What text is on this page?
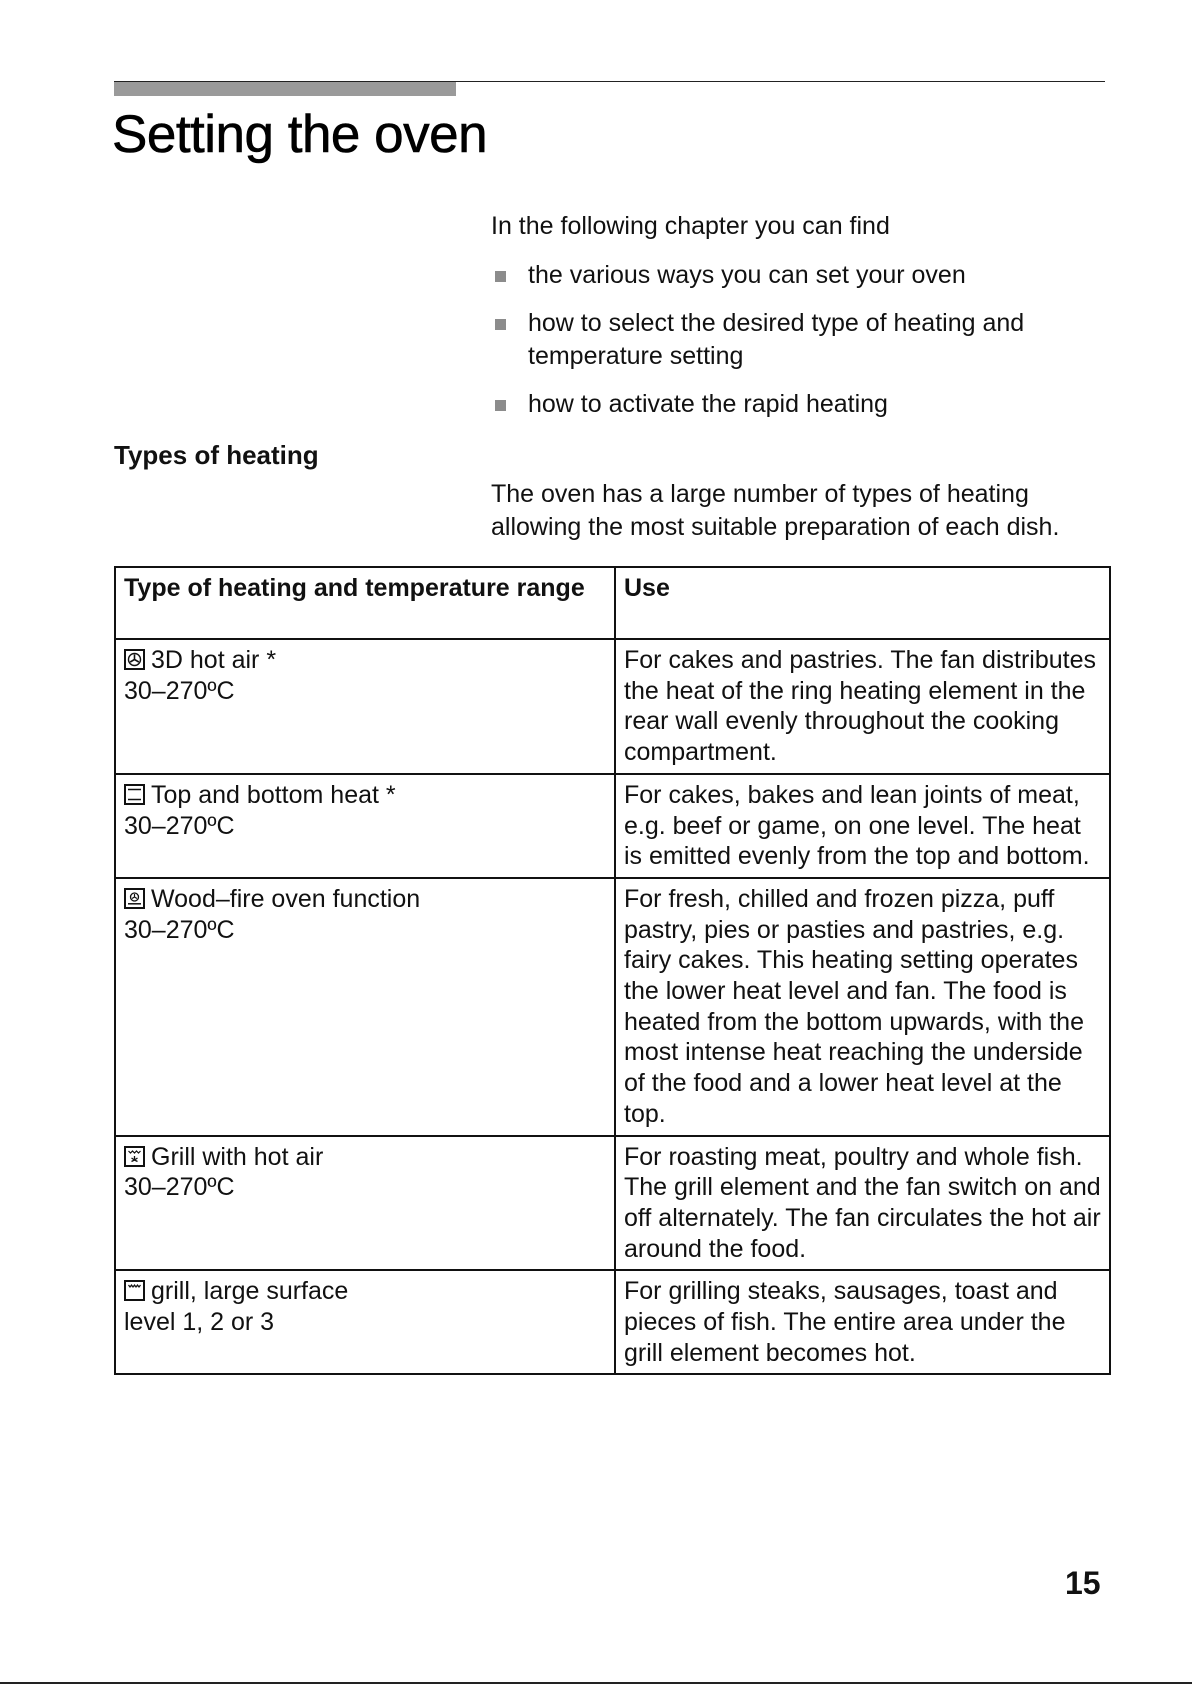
Setting the oven

In the following chapter you can find

the various ways you can set your oven
how to select the desired type of heating and temperature setting
how to activate the rapid heating
Types of heating

The oven has a large number of types of heating allowing the most suitable preparation of each dish.

Type of heating and temperature range	Use

3D hot air *
30–270ºC	For cakes and pastries. The fan distributes the heat of the ring heating element in the rear wall evenly throughout the cooking compartment.

Top and bottom heat *
30–270ºC	For cakes, bakes and lean joints of meat, e.g. beef or game, on one level. The heat is emitted evenly from the top and bottom.

Wood–fire oven function
30–270ºC	For fresh, chilled and frozen pizza, puff pastry, pies or pasties and pastries, e.g. fairy cakes. This heating setting operates the lower heat level and fan. The food is heated from the bottom upwards, with the most intense heat reaching the underside of the food and a lower heat level at the top.

Grill with hot air
30–270ºC	For roasting meat, poultry and whole fish. The grill element and the fan switch on and off alternately. The fan circulates the hot air around the food.

grill, large surface
level 1, 2 or 3	For grilling steaks, sausages, toast and pieces of fish. The entire area under the grill element becomes hot.

15
